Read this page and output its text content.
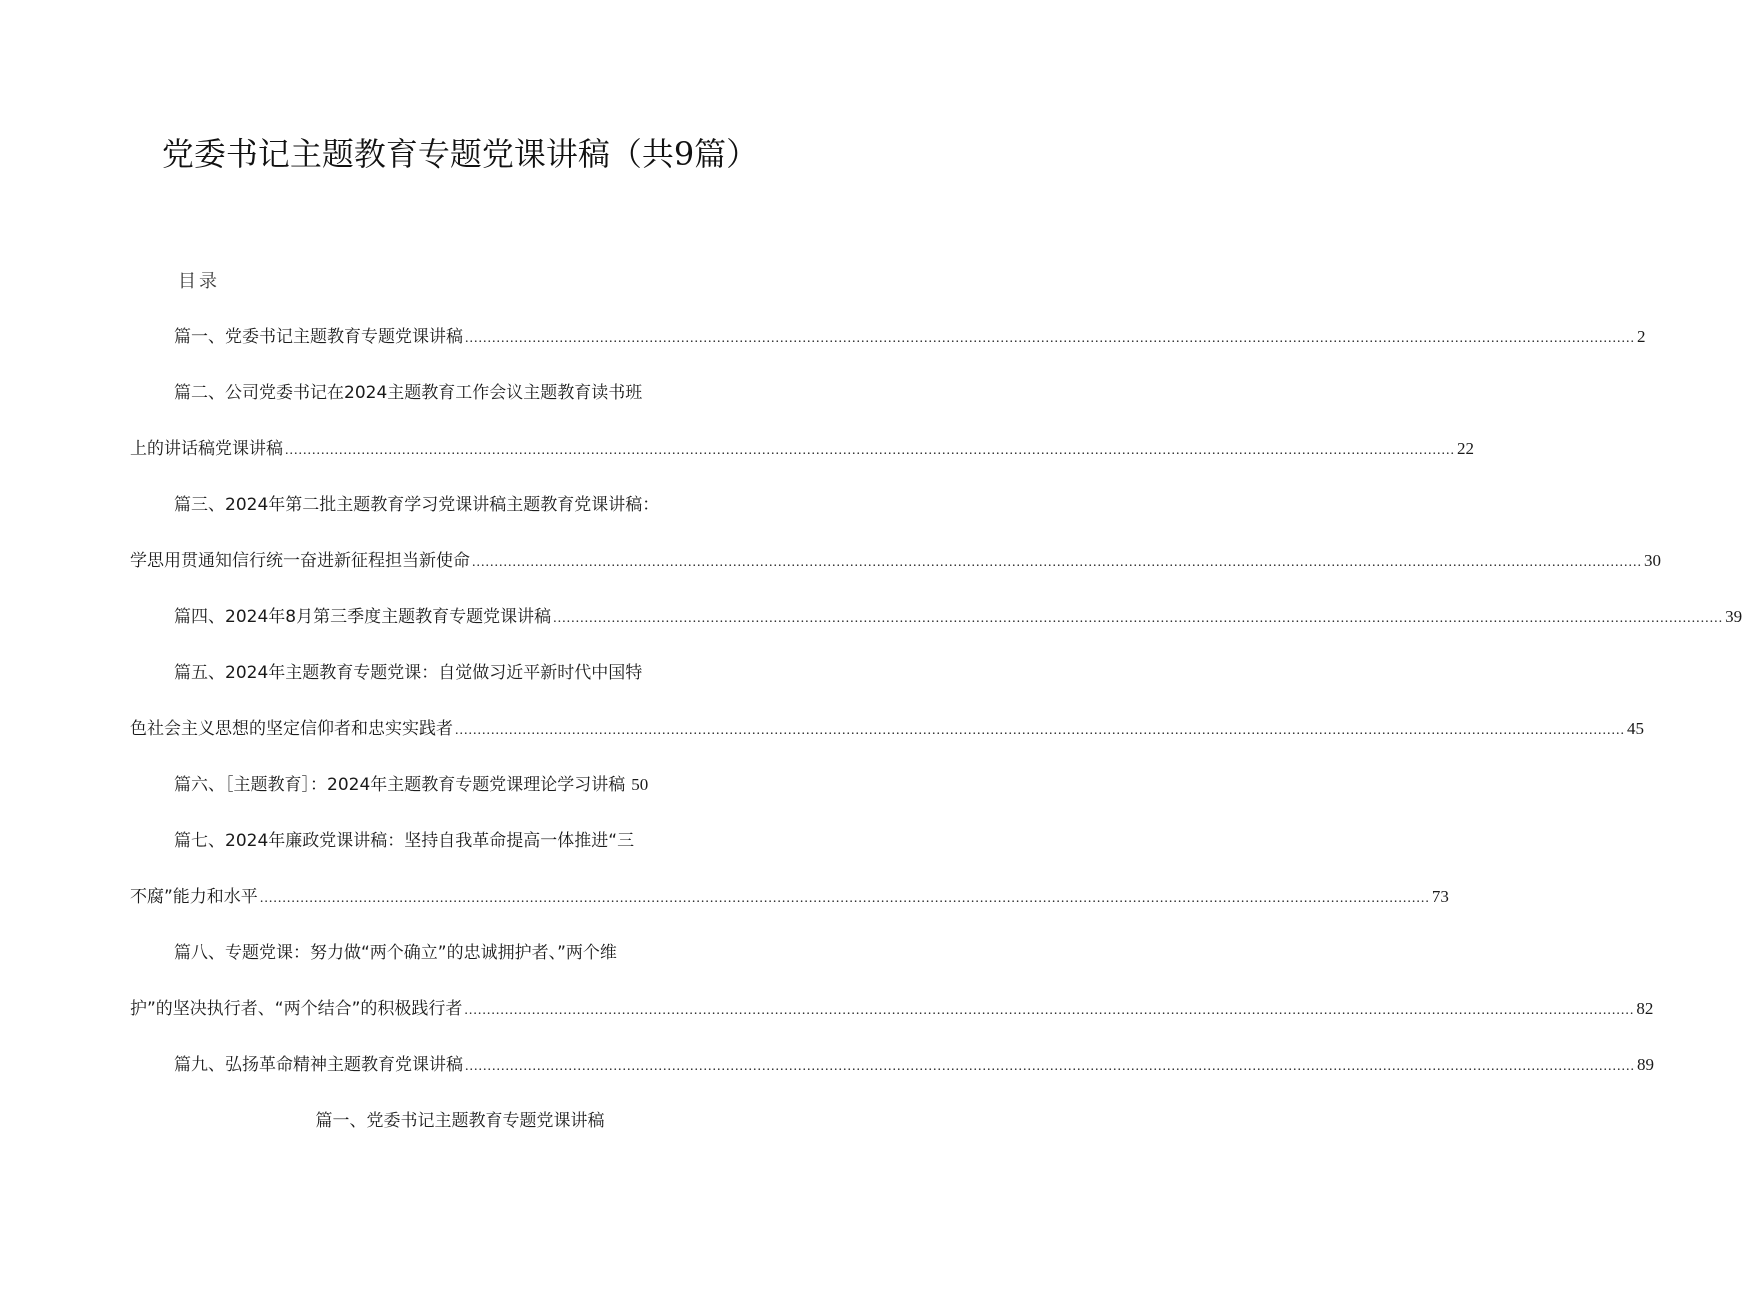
党委书记主题教育专题党课讲稿（共9篇）
目录
篇一、党委书记主题教育专题党课讲稿 .................................................................................................................................................................................................................................................................... 2
篇二、公司党委书记在2024主题教育工作会议主题教育读书班
上的讲话稿党课讲稿 .................................................................................................................................................................................................................................................................... 22
篇三、2024年第二批主题教育学习党课讲稿主题教育党课讲稿：
学思用贯通知信行统一奋进新征程担当新使命 .................................................................................................................................................................................................................................................................... 30
篇四、2024年8月第三季度主题教育专题党课讲稿 .................................................................................................................................................................................................................................................................... 39
篇五、2024年主题教育专题党课：自觉做习近平新时代中国特
色社会主义思想的坚定信仰者和忠实实践者 .................................................................................................................................................................................................................................................................... 45
篇六、［主题教育］：2024年主题教育专题党课理论学习讲稿 50
篇七、2024年廉政党课讲稿：坚持自我革命提高一体推进“三
不腐”能力和水平 .................................................................................................................................................................................................................................................................... 73
篇八、专题党课：努力做“两个确立”的忠诚拥护者、”两个维
护”的坚决执行者、“两个结合”的积极践行者 .................................................................................................................................................................................................................................................................... 82
篇九、弘扬革命精神主题教育党课讲稿 .................................................................................................................................................................................................................................................................... 89
篇一、党委书记主题教育专题党课讲稿
